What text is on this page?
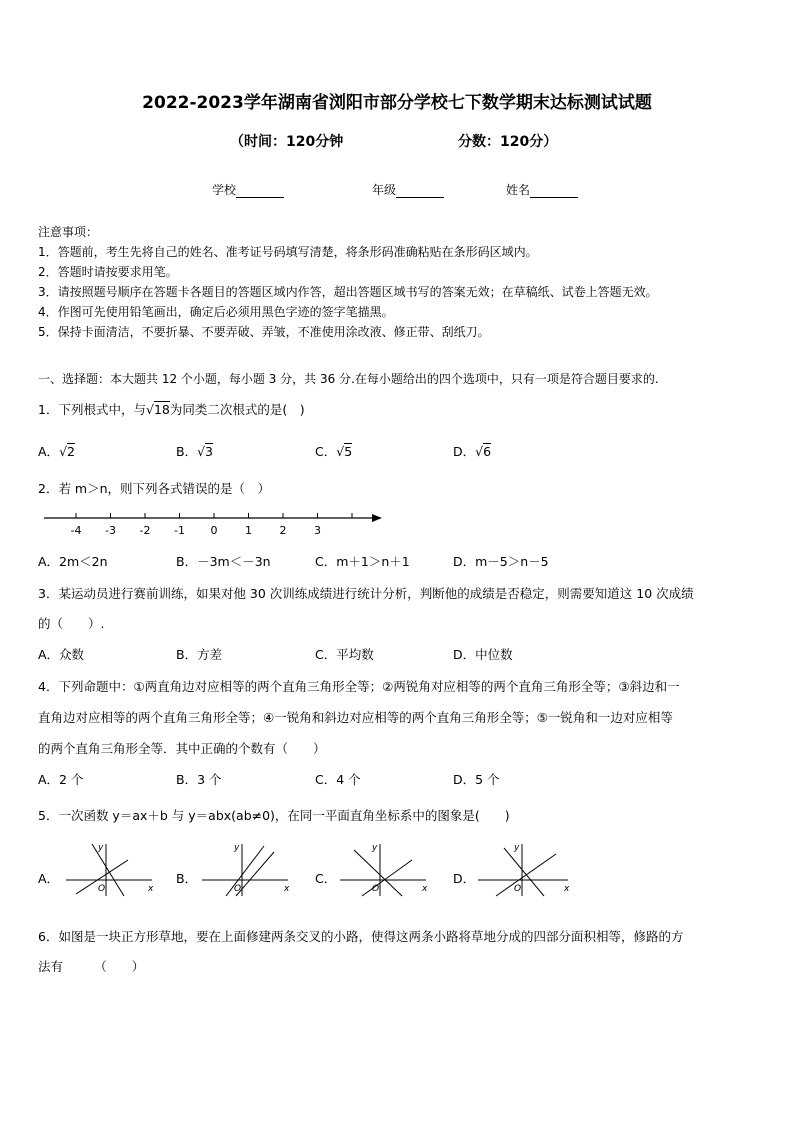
2022-2023学年湖南省浏阳市部分学校七下数学期末达标测试试题
（时间：120分钟	分数：120分）
学校	年级	姓名
注意事项：
1．答题前，考生先将自己的姓名、准考证号码填写清楚，将条形码准确粘贴在条形码区域内。
2．答题时请按要求用笔。
3．请按照题号顺序在答题卡各题目的答题区域内作答，超出答题区域书写的答案无效；在草稿纸、试卷上答题无效。
4．作图可先使用铅笔画出，确定后必须用黑色字迹的签字笔描黑。
5．保持卡面清洁，不要折暴、不要弄破、弄皱，不准使用涂改液、修正带、刮纸刀。
一、选择题：本大题共 12 个小题，每小题 3 分，共 36 分.在每小题给出的四个选项中，只有一项是符合题目要求的.
1．下列根式中，与√18为同类二次根式的是(　)
A．√2	B．√3	C．√5	D．√6
2．若 m＞n，则下列各式错误的是（　）
-4 -3 -2 -1 0	1	2	3
A．2m＜2n	B．－3m＜－3n	C．m＋1＞n＋1	D．m－5＞n－5
3．某运动员进行赛前训练，如果对他 30 次训练成绩进行统计分析，判断他的成绩是否稳定，则需要知道这 10 次成绩
的（　　）.
A．众数	B．方差	C．平均数	D．中位数
4．下列命题中：①两直角边对应相等的两个直角三角形全等；②两锐角对应相等的两个直角三角形全等；③斜边和一
直角边对应相等的两个直角三角形全等；④一锐角和斜边对应相等的两个直角三角形全等；⑤一锐角和一边对应相等
的两个直角三角形全等．其中正确的个数有（　　）
A．2 个	B．3 个	C．4 个	D．5 个
5．一次函数 y＝ax＋b 与 y＝abx(ab≠0)，在同一平面直角坐标系中的图象是(　　)
A．
x
y
O
B．
x
y
O
C．
x
y
O
D．
x
y
O
6．如图是一块正方形草地，要在上面修建两条交叉的小路，使得这两条小路将草地分成的四部分面积相等，修路的方
法有　　　（　　）
